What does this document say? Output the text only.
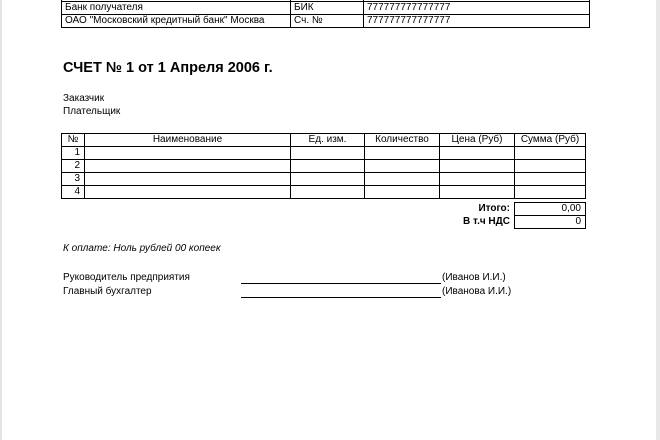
Банк получателя	БИК	777777777777777
ОАО "Московский кредитный банк" Москва	Сч. №	777777777777777
СЧЕТ № 1 от 1 Апреля 2006 г.
Заказчик
Плательщик
№	Наименование	Ед. изм.	Количество	Цена (Руб)	Сумма (Руб)
1					
2					
3					
4					
Итого:	0,00
В т.ч НДС	0
К оплате: Ноль рублей 00 копеек
Руководитель предприятия	(Иванов И.И.)
Главный бухгалтер	(Иванова И.И.)
